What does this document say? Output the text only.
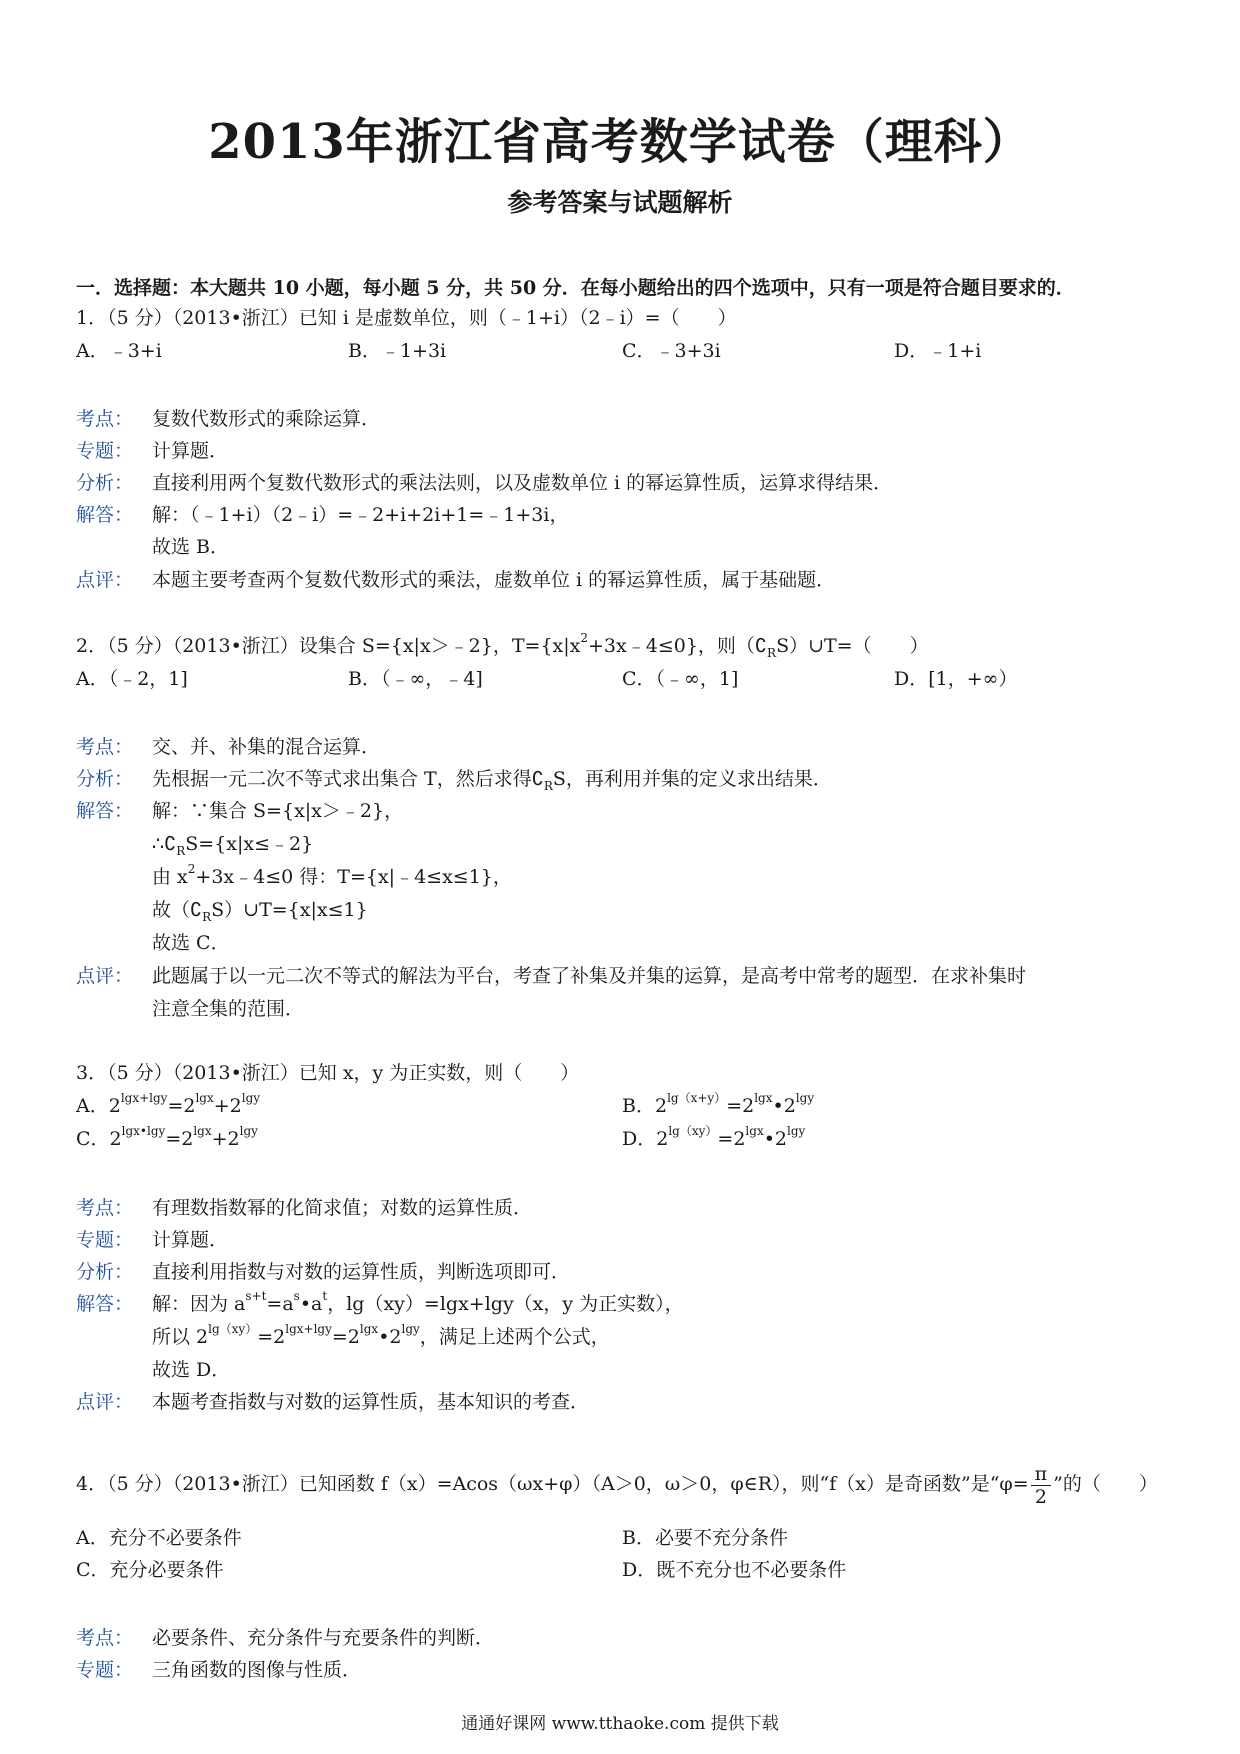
2013年浙江省高考数学试卷（理科）
参考答案与试题解析
一．选择题：本大题共 10 小题，每小题 5 分，共 50 分．在每小题给出的四个选项中，只有一项是符合题目要求的．
1．（5 分）（2013•浙江）已知 i 是虚数单位，则（﹣1+i）（2﹣i）=（　　）
A．﹣3+i	B．﹣1+3i	C．﹣3+3i	D．﹣1+i
考点： 复数代数形式的乘除运算．
专题： 计算题．
分析： 直接利用两个复数代数形式的乘法法则，以及虚数单位 i 的幂运算性质，运算求得结果．
解答： 解：（﹣1+i）（2﹣i）=﹣2+i+2i+1=﹣1+3i，
故选 B．
点评： 本题主要考查两个复数代数形式的乘法，虚数单位 i 的幂运算性质，属于基础题．
2．（5 分）（2013•浙江）设集合 S={x|x＞﹣2}，$T=\{x|x^2+3x﹣4\le 0\}$，则$(∁_RS)\cup T=$（　　）
A．（﹣2，1]	B．（﹣∞，﹣4]	C．（﹣∞，1]	D．[1，+∞）
考点： 交、并、补集的混合运算．
分析： 先根据一元二次不等式求出集合 T，然后求得$∁_RS$，再利用并集的定义求出结果．
解答： 解：∵集合 S={x|x＞﹣2}，
$\therefore∁_RS=\{x|x\le﹣2\}$
由 $x^2+3x﹣4\le 0$ 得：T={x|﹣4≤x≤1}，
故$(∁_RS)\cup T=\{x|x\le 1\}$
故选 C．
点评： 此题属于以一元二次不等式的解法为平台，考查了补集及并集的运算，是高考中常考的题型．在求补集时
注意全集的范围．
3．（5 分）（2013•浙江）已知 x，y 为正实数，则（　　）
A．$2^{lgx+lgy}=2^{lgx}+2^{lgy}$	B．$2^{lg(x+y)}=2^{lgx}•2^{lgy}$
C．$2^{lgx•lgy}=2^{lgx}+2^{lgy}$	D．$2^{lg(xy)}=2^{lgx}•2^{lgy}$
考点： 有理数指数幂的化简求值；对数的运算性质．
专题： 计算题．
分析： 直接利用指数与对数的运算性质，判断选项即可．
解答： 解：因为 $a^{s+t}=a^s•a^t$，lg（xy）=lgx+lgy（x，y 为正实数），
所以 $2^{lg(xy)}=2^{lgx+lgy}=2^{lgx}•2^{lgy}$，满足上述两个公式，
故选 D．
点评： 本题考查指数与对数的运算性质，基本知识的考查．
4．（5 分）（2013•浙江）已知函数 f（x）=Acos（ωx+φ）（A＞0，ω＞0，φ∈R），则“f（x）是奇函数”是“$\varphi= \frac{\pi}{2}$ ”的（　　）
A．充分不必要条件	B．必要不充分条件
C．充分必要条件	D．既不充分也不必要条件
考点： 必要条件、充分条件与充要条件的判断．
专题： 三角函数的图像与性质．
通通好课网 www.tthaoke.com 提供下载
